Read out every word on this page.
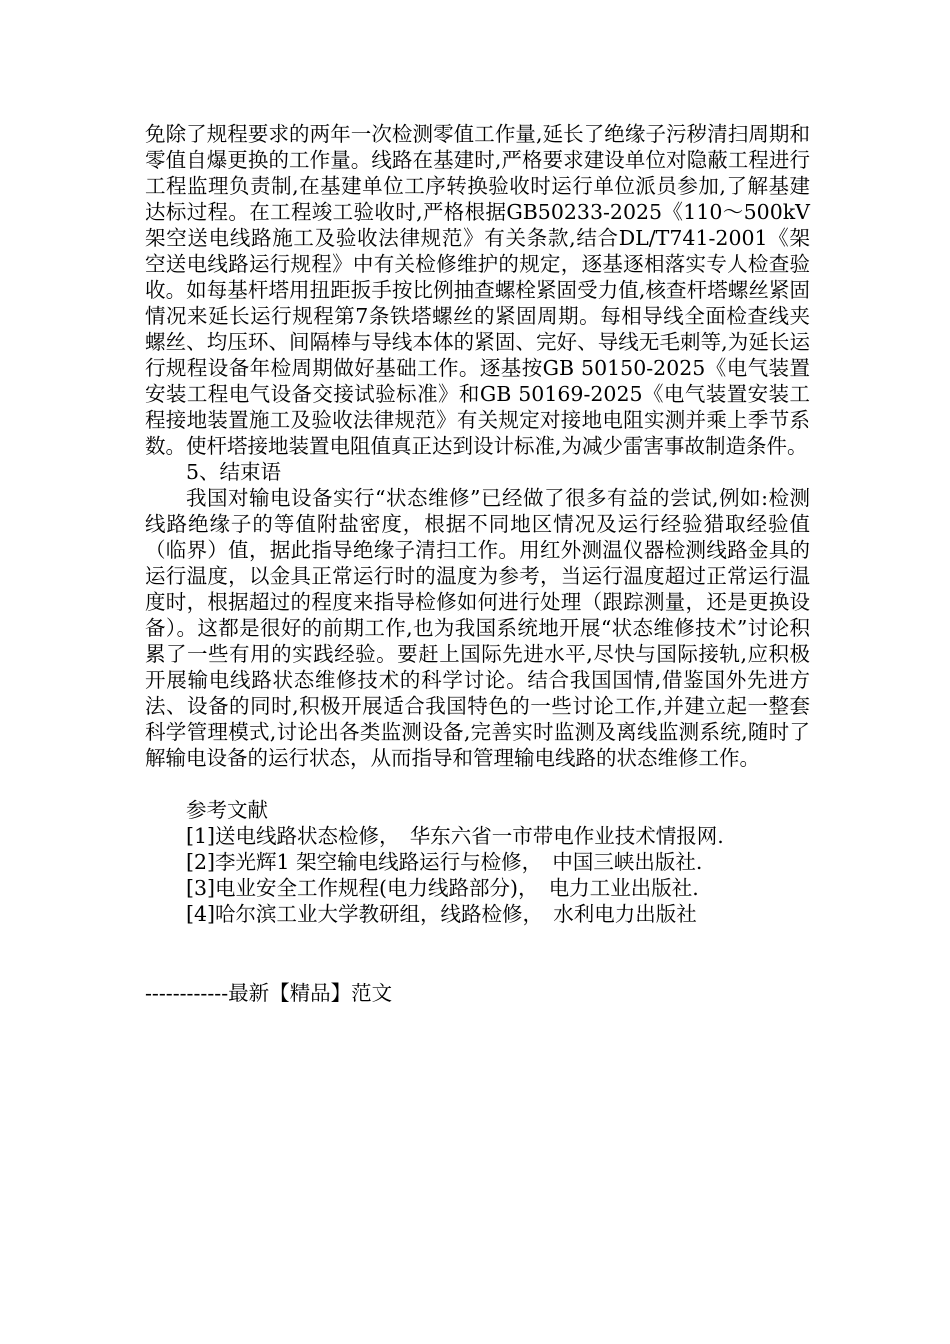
免除了规程要求的两年一次检测零值工作量,延长了绝缘子污秽清扫周期和零值自爆更换的工作量。线路在基建时,严格要求建设单位对隐蔽工程进行工程监理负责制,在基建单位工序转换验收时运行单位派员参加,了解基建达标过程。在工程竣工验收时,严格根据GB50233-2025《110～500kV架空送电线路施工及验收法律规范》有关条款,结合DL/T741-2001《架空送电线路运行规程》中有关检修维护的规定，逐基逐相落实专人检查验收。如每基杆塔用扭距扳手按比例抽查螺栓紧固受力值,核查杆塔螺丝紧固情况来延长运行规程第7条铁塔螺丝的紧固周期。每相导线全面检查线夹螺丝、均压环、间隔棒与导线本体的紧固、完好、导线无毛刺等,为延长运行规程设备年检周期做好基础工作。逐基按GB 50150-2025《电气装置安装工程电气设备交接试验标准》和GB 50169-2025《电气装置安装工程接地装置施工及验收法律规范》有关规定对接地电阻实测并乘上季节系数。使杆塔接地装置电阻值真正达到设计标准,为减少雷害事故制造条件。

5、结束语

我国对输电设备实行“状态维修”已经做了很多有益的尝试,例如:检测线路绝缘子的等值附盐密度，根据不同地区情况及运行经验猎取经验值（临界）值，据此指导绝缘子清扫工作。用红外测温仪器检测线路金具的运行温度，以金具正常运行时的温度为参考，当运行温度超过正常运行温度时，根据超过的程度来指导检修如何进行处理（跟踪测量，还是更换设备）。这都是很好的前期工作,也为我国系统地开展“状态维修技术”讨论积累了一些有用的实践经验。要赶上国际先进水平,尽快与国际接轨,应积极开展输电线路状态维修技术的科学讨论。结合我国国情,借鉴国外先进方法、设备的同时,积极开展适合我国特色的一些讨论工作,并建立起一整套科学管理模式,讨论出各类监测设备,完善实时监测及离线监测系统,随时了解输电设备的运行状态，从而指导和管理输电线路的状态维修工作。

参考文献

[1]送电线路状态检修，　华东六省一市带电作业技术情报网.
[2]李光辉1 架空输电线路运行与检修，　中国三峡出版社.
[3]电业安全工作规程(电力线路部分)，　电力工业出版社.
[4]哈尔滨工业大学教研组，线路检修，　水利电力出版社
------------最新【精品】范文
